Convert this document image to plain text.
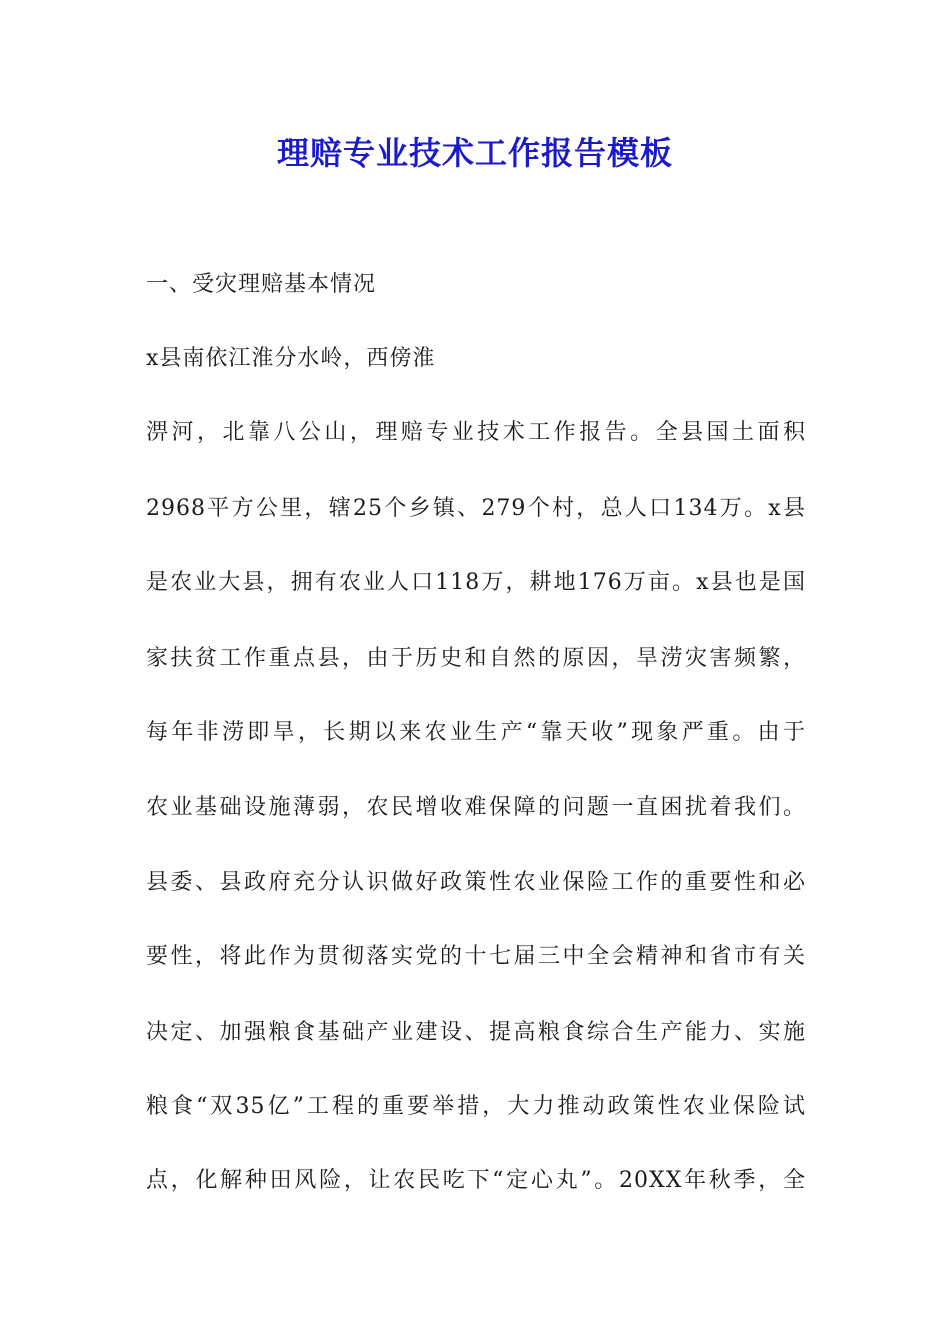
理赔专业技术工作报告模板

一、受灾理赔基本情况

x县南依江淮分水岭，西傍淮

淠河，北靠八公山，理赔专业技术工作报告。全县国土面积

2968平方公里，辖25个乡镇、279个村，总人口134万。x县

是农业大县，拥有农业人口118万，耕地176万亩。x县也是国

家扶贫工作重点县，由于历史和自然的原因，旱涝灾害频繁，

每年非涝即旱，长期以来农业生产“靠天收”现象严重。由于

农业基础设施薄弱，农民增收难保障的问题一直困扰着我们。

县委、县政府充分认识做好政策性农业保险工作的重要性和必

要性，将此作为贯彻落实党的十七届三中全会精神和省市有关

决定、加强粮食基础产业建设、提高粮食综合生产能力、实施

粮食“双35亿”工程的重要举措，大力推动政策性农业保险试

点，化解种田风险，让农民吃下“定心丸”。20XX年秋季，全
